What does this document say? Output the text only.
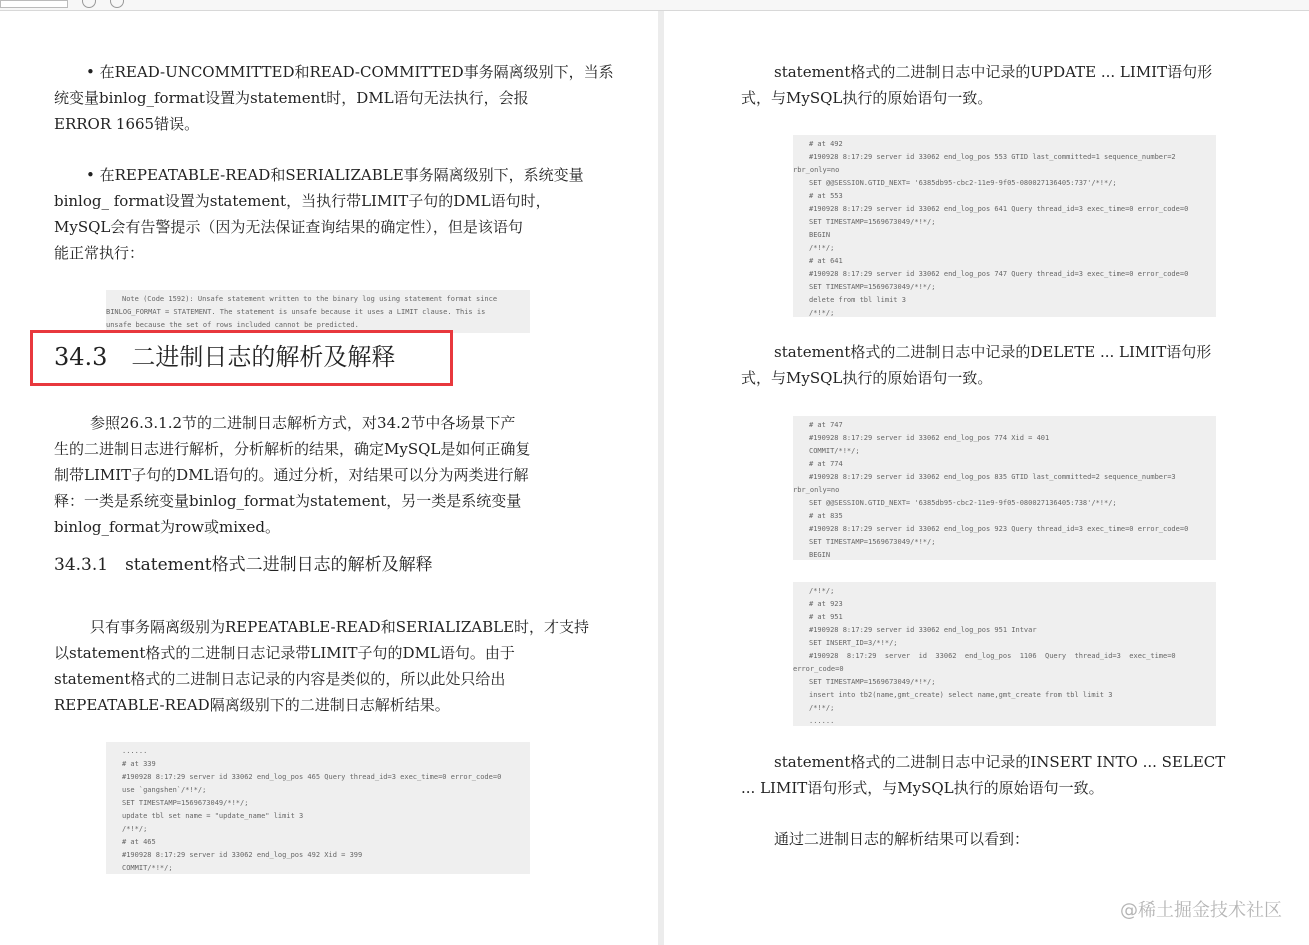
• 在READ-UNCOMMITTED和READ-COMMITTED事务隔离级别下，当系

统变量binlog_format设置为statement时，DML语句无法执行，会报

ERROR 1665错误。

• 在REPEATABLE-READ和SERIALIZABLE事务隔离级别下，系统变量

binlog_ format设置为statement，当执行带LIMIT子句的DML语句时，

MySQL会有告警提示（因为无法保证查询结果的确定性），但是该语句

能正常执行：

Note (Code 1592): Unsafe statement written to the binary log using statement format since
BINLOG_FORMAT = STATEMENT. The statement is unsafe because it uses a LIMIT clause. This is
unsafe because the set of rows included cannot be predicted.
34.3　二进制日志的解析及解释

参照26.3.1.2节的二进制日志解析方式，对34.2节中各场景下产

生的二进制日志进行解析，分析解析的结果，确定MySQL是如何正确复

制带LIMIT子句的DML语句的。通过分析，对结果可以分为两类进行解

释：一类是系统变量binlog_format为statement，另一类是系统变量

binlog_format为row或mixed。

34.3.1　statement格式二进制日志的解析及解释

只有事务隔离级别为REPEATABLE-READ和SERIALIZABLE时，才支持

以statement格式的二进制日志记录带LIMIT子句的DML语句。由于

statement格式的二进制日志记录的内容是类似的，所以此处只给出

REPEATABLE-READ隔离级别下的二进制日志解析结果。

......
# at 339
#190928 8:17:29 server id 33062 end_log_pos 465 Query thread_id=3 exec_time=0 error_code=0
use `gangshen`/*!*/;
SET TIMESTAMP=1569673049/*!*/;
update tbl set name = "update_name" limit 3
/*!*/;
# at 465
#190928 8:17:29 server id 33062 end_log_pos 492 Xid = 399
COMMIT/*!*/;

statement格式的二进制日志中记录的UPDATE ... LIMIT语句形

式，与MySQL执行的原始语句一致。

# at 492
#190928 8:17:29 server id 33062 end_log_pos 553 GTID last_committed=1 sequence_number=2
rbr_only=no
SET @@SESSION.GTID_NEXT= '6385db95-cbc2-11e9-9f05-080027136405:737'/*!*/;
# at 553
#190928 8:17:29 server id 33062 end_log_pos 641 Query thread_id=3 exec_time=0 error_code=0
SET TIMESTAMP=1569673049/*!*/;
BEGIN
/*!*/;
# at 641
#190928 8:17:29 server id 33062 end_log_pos 747 Query thread_id=3 exec_time=0 error_code=0
SET TIMESTAMP=1569673049/*!*/;
delete from tbl limit 3
/*!*/;

statement格式的二进制日志中记录的DELETE ... LIMIT语句形

式，与MySQL执行的原始语句一致。

# at 747
#190928 8:17:29 server id 33062 end_log_pos 774 Xid = 401
COMMIT/*!*/;
# at 774
#190928 8:17:29 server id 33062 end_log_pos 835 GTID last_committed=2 sequence_number=3
rbr_only=no
SET @@SESSION.GTID_NEXT= '6385db95-cbc2-11e9-9f05-080027136405:738'/*!*/;
# at 835
#190928 8:17:29 server id 33062 end_log_pos 923 Query thread_id=3 exec_time=0 error_code=0
SET TIMESTAMP=1569673049/*!*/;
BEGIN
/*!*/;
# at 923
# at 951
#190928 8:17:29 server id 33062 end_log_pos 951 Intvar
SET INSERT_ID=3/*!*/;
#190928  8:17:29  server  id  33062  end_log_pos  1106  Query  thread_id=3  exec_time=0
error_code=0
SET TIMESTAMP=1569673049/*!*/;
insert into tb2(name,gmt_create) select name,gmt_create from tbl limit 3
/*!*/;
......

statement格式的二进制日志中记录的INSERT INTO ... SELECT

... LIMIT语句形式，与MySQL执行的原始语句一致。

通过二进制日志的解析结果可以看到：

@稀土掘金技术社区
